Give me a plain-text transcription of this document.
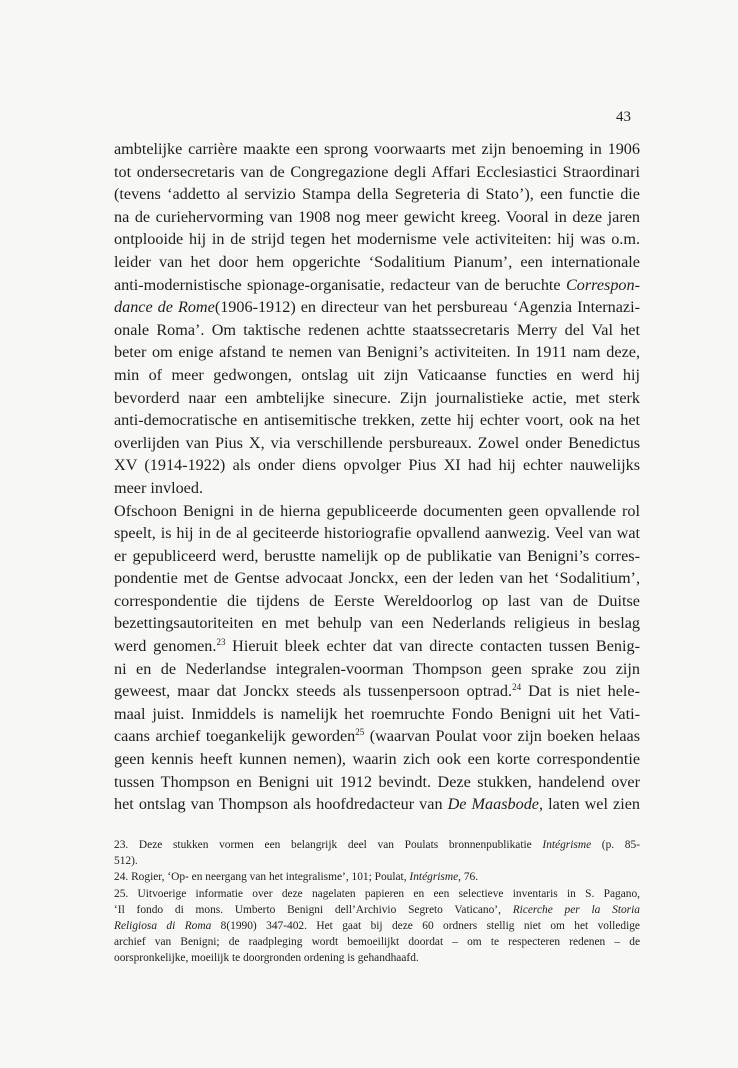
43
ambtelijke carrière maakte een sprong voorwaarts met zijn benoeming in 1906
tot ondersecretaris van de Congregazione degli Affari Ecclesiastici Straordinari
(tevens ‘addetto al servizio Stampa della Segreteria di Stato’), een functie die
na de curiehervorming van 1908 nog meer gewicht kreeg. Vooral in deze jaren
ontplooide hij in de strijd tegen het modernisme vele activiteiten: hij was o.m.
leider van het door hem opgerichte ‘Sodalitium Pianum’, een internationale
anti-modernistische spionage-organisatie, redacteur van de beruchte Correspon-
dance de Rome(1906-1912) en directeur van het persbureau ‘Agenzia Internazi-
onale Roma’. Om taktische redenen achtte staatssecretaris Merry del Val het
beter om enige afstand te nemen van Benigni’s activiteiten. In 1911 nam deze,
min of meer gedwongen, ontslag uit zijn Vaticaanse functies en werd hij
bevorderd naar een ambtelijke sinecure. Zijn journalistieke actie, met sterk
anti-democratische en antisemitische trekken, zette hij echter voort, ook na het
overlijden van Pius X, via verschillende persbureaux. Zowel onder Benedictus
XV (1914-1922) als onder diens opvolger Pius XI had hij echter nauwelijks
meer invloed.
Ofschoon Benigni in de hierna gepubliceerde documenten geen opvallende rol
speelt, is hij in de al geciteerde historiografie opvallend aanwezig. Veel van wat
er gepubliceerd werd, berustte namelijk op de publikatie van Benigni’s corres-
pondentie met de Gentse advocaat Jonckx, een der leden van het ‘Sodalitium’,
correspondentie die tijdens de Eerste Wereldoorlog op last van de Duitse
bezettingsautoriteiten en met behulp van een Nederlands religieus in beslag
werd genomen.$^{23}$ Hieruit bleek echter dat van directe contacten tussen Benig-
ni en de Nederlandse integralen-voorman Thompson geen sprake zou zijn
geweest, maar dat Jonckx steeds als tussenpersoon optrad.$^{24}$ Dat is niet hele-
maal juist. Inmiddels is namelijk het roemruchte Fondo Benigni uit het Vati-
caans archief toegankelijk geworden$^{25}$ (waarvan Poulat voor zijn boeken helaas
geen kennis heeft kunnen nemen), waarin zich ook een korte correspondentie
tussen Thompson en Benigni uit 1912 bevindt. Deze stukken, handelend over
het ontslag van Thompson als hoofdredacteur van De Maasbode, laten wel zien
23. Deze stukken vormen een belangrijk deel van Poulats bronnenpublikatie Intégrisme (p. 85-
512).
24. Rogier, ‘Op- en neergang van het integralisme’, 101; Poulat, Intégrisme, 76.
25. Uitvoerige informatie over deze nagelaten papieren en een selectieve inventaris in S. Pagano,
‘Il fondo di mons. Umberto Benigni dell’Archivio Segreto Vaticano’, Ricerche per la Storia
Religiosa di Roma 8(1990) 347-402. Het gaat bij deze 60 ordners stellig niet om het volledige
archief van Benigni; de raadpleging wordt bemoeilijkt doordat – om te respecteren redenen – de
oorspronkelijke, moeilijk te doorgronden ordening is gehandhaafd.
